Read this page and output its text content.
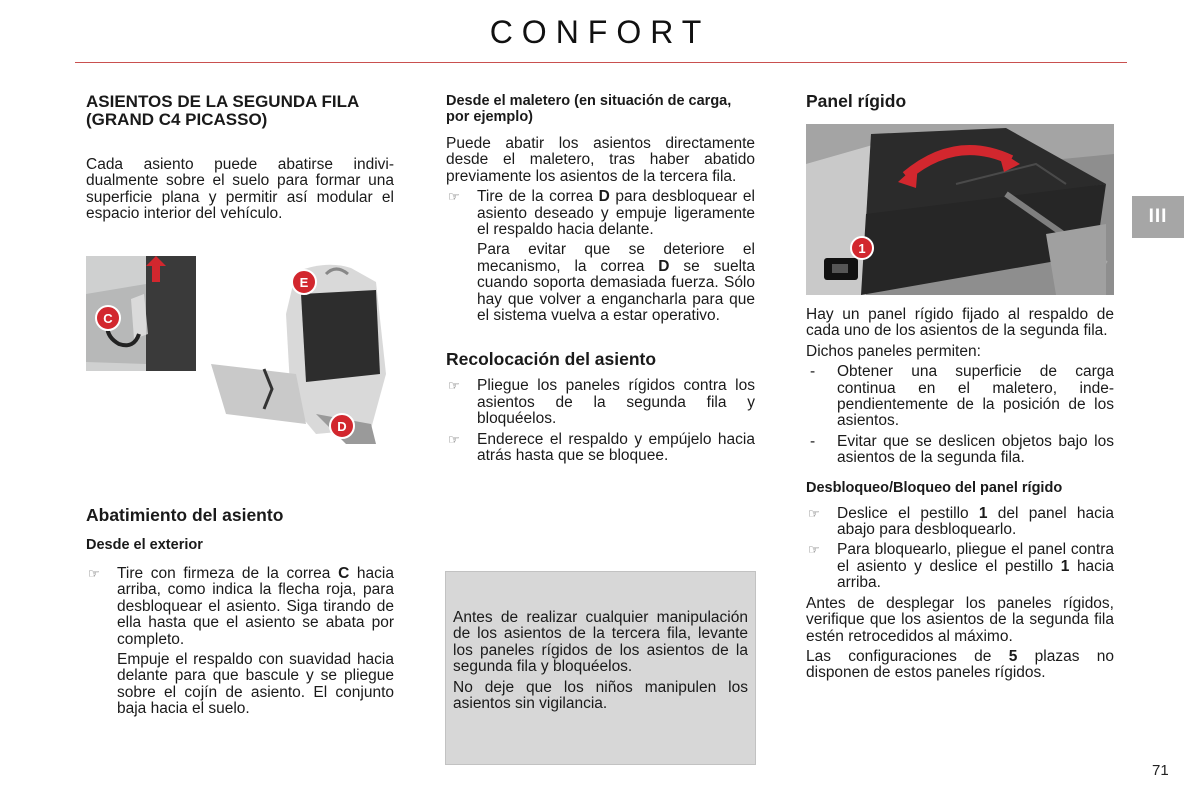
CONFORT
III
71
ASIENTOS DE LA SEGUNDA FILA (GRAND C4 PICASSO)

Cada asiento puede abatirse individualmente sobre el suelo para formar una superficie plana y permitir así modular el espacio interior del vehículo.

C
E
D
Abatimiento del asiento
Desde el exterior
☞ Tire con firmeza de la correa C hacia arriba, como indica la flecha roja, para desbloquear el asiento. Siga tirando de ella hasta que el asiento se abata por completo.
Empuje el respaldo con suavidad hacia delante para que bascule y se pliegue sobre el cojín de asiento. El conjunto baja hacia el suelo.
Desde el maletero (en situación de carga, por ejemplo)

Puede abatir los asientos directamente desde el maletero, tras haber abatido previamente los asientos de la tercera fila.

☞ Tire de la correa D para desbloquear el asiento deseado y empuje ligeramente el respaldo hacia delante.
Para evitar que se deteriore el mecanismo, la correa D se suelta cuando soporta demasiada fuerza. Sólo hay que volver a engancharla para que el sistema vuelva a estar operativo.
Recolocación del asiento
☞ Pliegue los paneles rígidos contra los asientos de la segunda fila y bloquéelos.
☞ Enderece el respaldo y empújelo hacia atrás hasta que se bloquee.

Antes de realizar cualquier manipulación de los asientos de la tercera fila, levante los paneles rígidos de los asientos de la segunda fila y bloquéelos.

No deje que los niños manipulen los asientos sin vigilancia.

Panel rígido
1

Hay un panel rígido fijado al respaldo de cada uno de los asientos de la segunda fila.

Dichos paneles permiten:

- Obtener una superficie de carga continua en el maletero, independientemente de la posición de los asientos.
- Evitar que se deslicen objetos bajo los asientos de la segunda fila.
Desbloqueo/Bloqueo del panel rígido
☞ Deslice el pestillo 1 del panel hacia abajo para desbloquearlo.
☞ Para bloquearlo, pliegue el panel contra el asiento y deslice el pestillo 1 hacia arriba.

Antes de desplegar los paneles rígidos, verifique que los asientos de la segunda fila estén retrocedidos al máximo.

Las configuraciones de 5 plazas no disponen de estos paneles rígidos.
